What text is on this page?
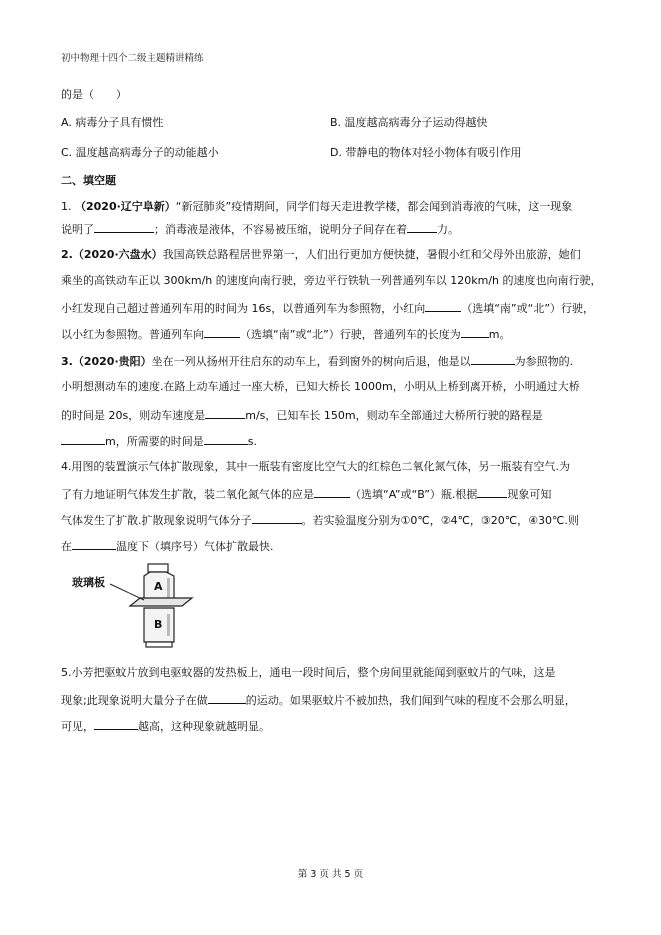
初中物理十四个二级主题精讲精练
的是（　　）
A. 病毒分子具有惯性	B. 温度越高病毒分子运动得越快
C. 温度越高病毒分子的动能越小	D. 带静电的物体对轻小物体有吸引作用
二、填空题
1. （2020·辽宁阜新）“新冠肺炎”疫情期间，同学们每天走进教学楼，都会闻到消毒液的气味，这一现象
说明了	；消毒液是液体，不容易被压缩，说明分子间存在着	力。
2.（2020·六盘水）我国高铁总路程居世界第一，人们出行更加方便快捷，暑假小红和父母外出旅游，她们
乘坐的高铁动车正以 300km/h 的速度向南行驶，旁边平行铁轨一列普通列车以 120km/h 的速度也向南行驶，
小红发现自己超过普通列车用的时间为 16s，以普通列车为参照物，小红向	（选填“南”或“北”）行驶，
以小红为参照物。普通列车向	（选填“南”或“北”）行驶，普通列车的长度为	m。
3.（2020·贵阳）坐在一列从扬州开往启东的动车上，看到窗外的树向后退，他是以	为参照物的.
小明想测动车的速度.在路上动车通过一座大桥，已知大桥长 1000m，小明从上桥到离开桥，小明通过大桥
的时间是 20s，则动车速度是	m/s，已知车长 150m，则动车全部通过大桥所行驶的路程是
m，所需要的时间是	s.
4.用图的装置演示气体扩散现象，其中一瓶装有密度比空气大的红棕色二氧化氮气体，另一瓶装有空气.为
了有力地证明气体发生扩散，装二氧化氮气体的应是	（选填“A”或“B”）瓶.根据	现象可知
气体发生了扩散.扩散现象说明气体分子	。若实验温度分别为①0℃，②4℃，③20℃，④30℃.则
在	温度下（填序号）气体扩散最快.
玻璃板	A
B
5.小芳把驱蚊片放到电驱蚊器的发热板上，通电一段时间后，整个房间里就能闻到驱蚊片的气味，这是
现象;此现象说明大量分子在做	的运动。如果驱蚊片不被加热，我们闻到气味的程度不会那么明显，
可见，	越高，这种现象就越明显。
第 3 页 共 5 页
